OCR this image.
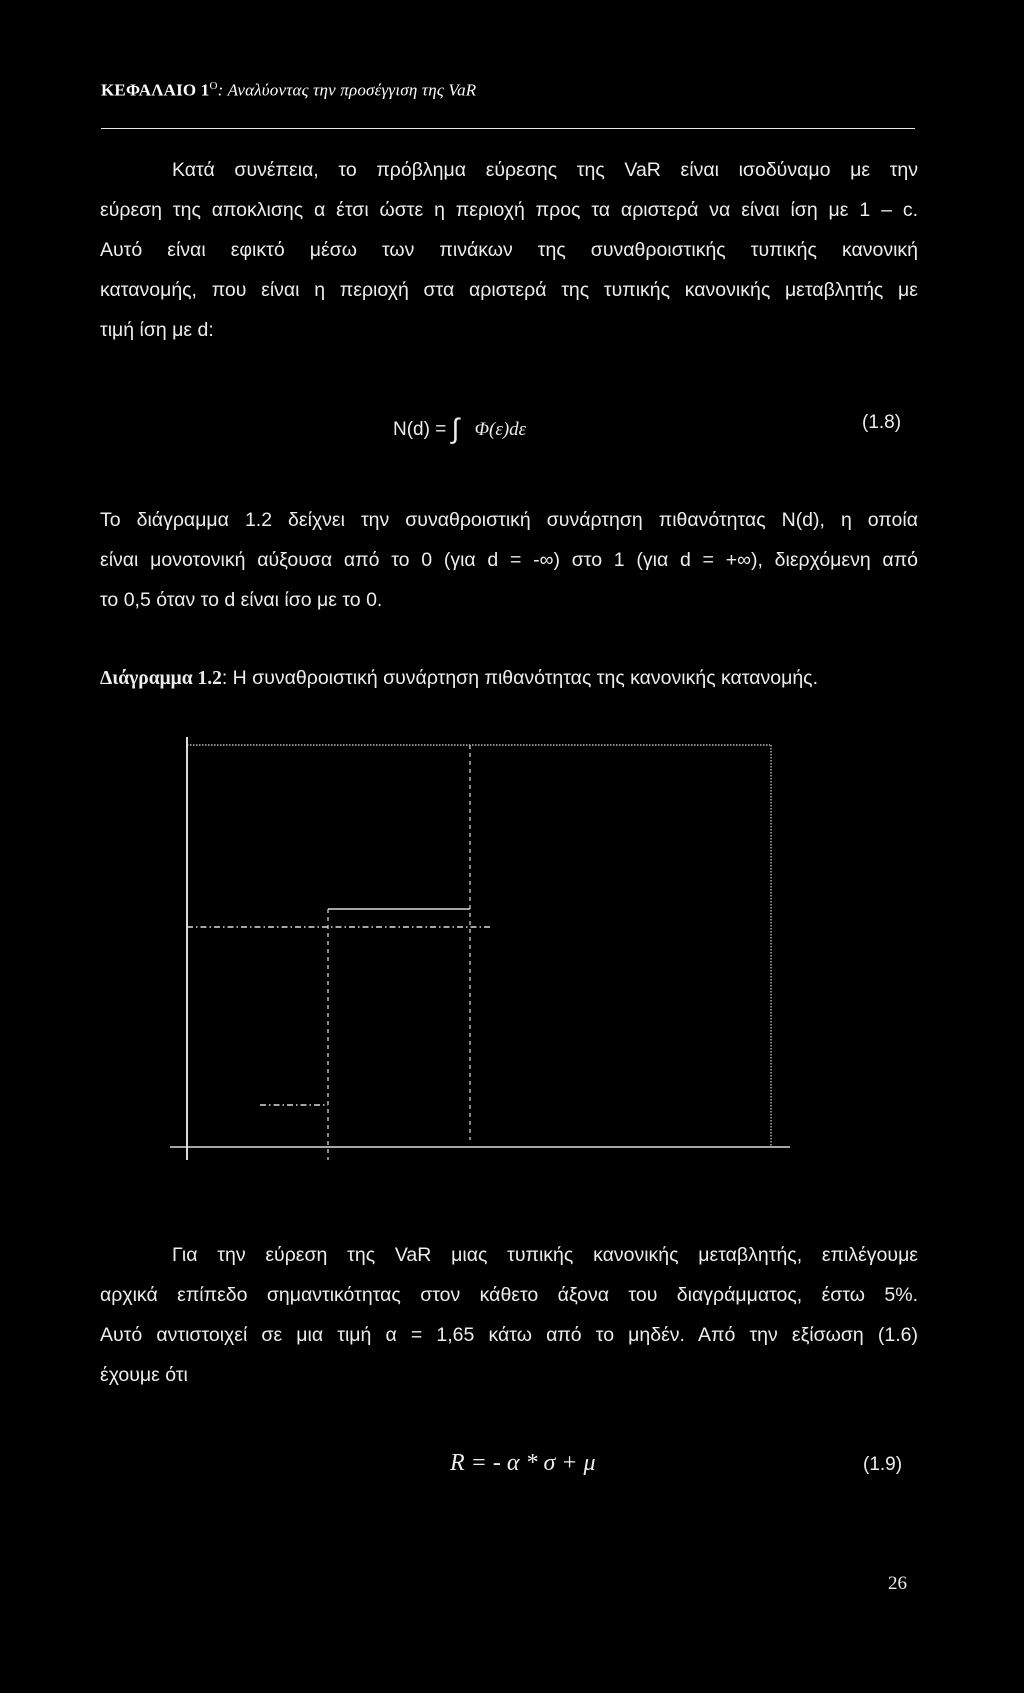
ΚΕΦΑΛΑΙΟ $1^O$: Αναλύοντας την προσέγγιση της VaR
Κατά συνέπεια, το πρόβλημα εύρεσης της VaR είναι ισοδύναμο με την
εύρεση της αποκλισης α έτσι ώστε η περιοχή προς τα αριστερά να είναι ίση με 1 – c.
Αυτό είναι εφικτό μέσω των πινάκων της συναθροιστικής τυπικής κανονική
κατανομής, που είναι η περιοχή στα αριστερά της τυπικής κανονικής μεταβλητής με
τιμή ίση με d:
N(d) = ∫ Φ(ε)dε	(1.8)
Το διάγραμμα 1.2 δείχνει την συναθροιστική συνάρτηση πιθανότητας N(d), η οποία
είναι μονοτονική αύξουσα από το 0 (για d = -∞) στο 1 (για d = +∞), διερχόμενη από
το 0,5 όταν το d είναι ίσο με το 0.
Διάγραμμα 1.2: Η συναθροιστική συνάρτηση πιθανότητας της κανονικής κατανομής.
Για την εύρεση της VaR μιας τυπικής κανονικής μεταβλητής, επιλέγουμε
αρχικά επίπεδο σημαντικότητας στον κάθετο άξονα του διαγράμματος, έστω 5%.
Αυτό αντιστοιχεί σε μια τιμή α = 1,65 κάτω από το μηδέν. Από την εξίσωση (1.6)
έχουμε ότι
R = - α * σ + μ	(1.9)
26
